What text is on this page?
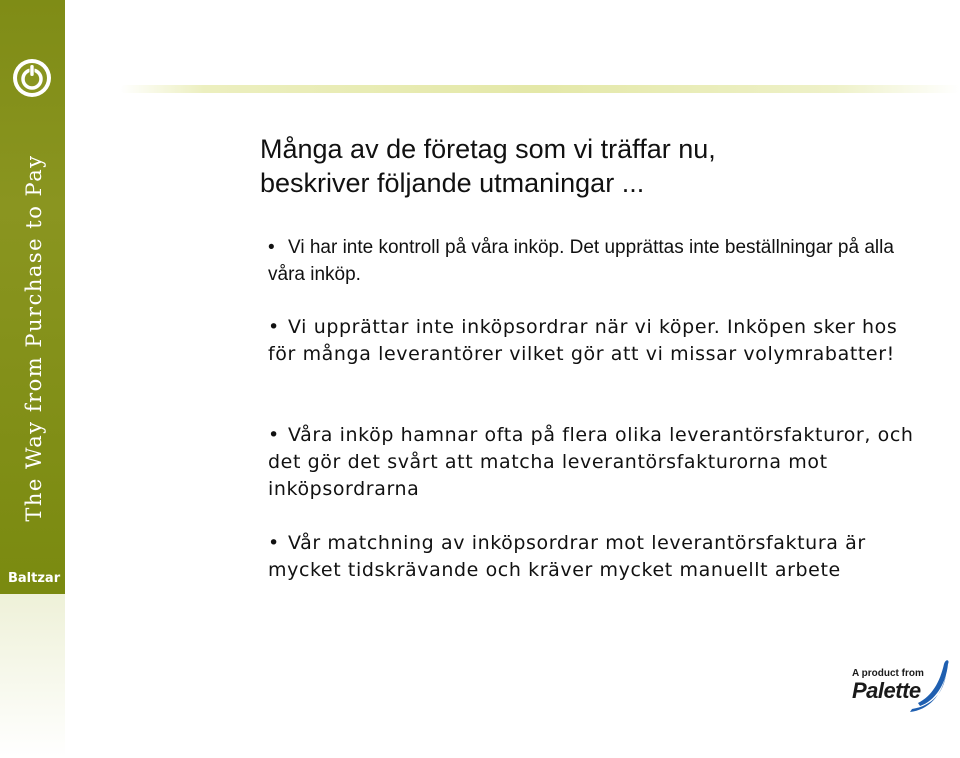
The Way from Purchase to Pay
Baltzar
Många av de företag som vi träffar nu,
beskriver följande utmaningar ...
• Vi har inte kontroll på våra inköp. Det upprättas inte beställningar på alla våra inköp.
• Vi upprättar inte inköpsordrar när vi köper. Inköpen sker hos för många leverantörer vilket gör att vi missar volymrabatter!
• Våra inköp hamnar ofta på flera olika leverantörsfakturor, och det gör det svårt att matcha leverantörsfakturorna mot inköpsordrarna
• Vår matchning av inköpsordrar mot leverantörsfaktura är mycket tidskrävande och kräver mycket manuellt arbete
A product from
Palette
